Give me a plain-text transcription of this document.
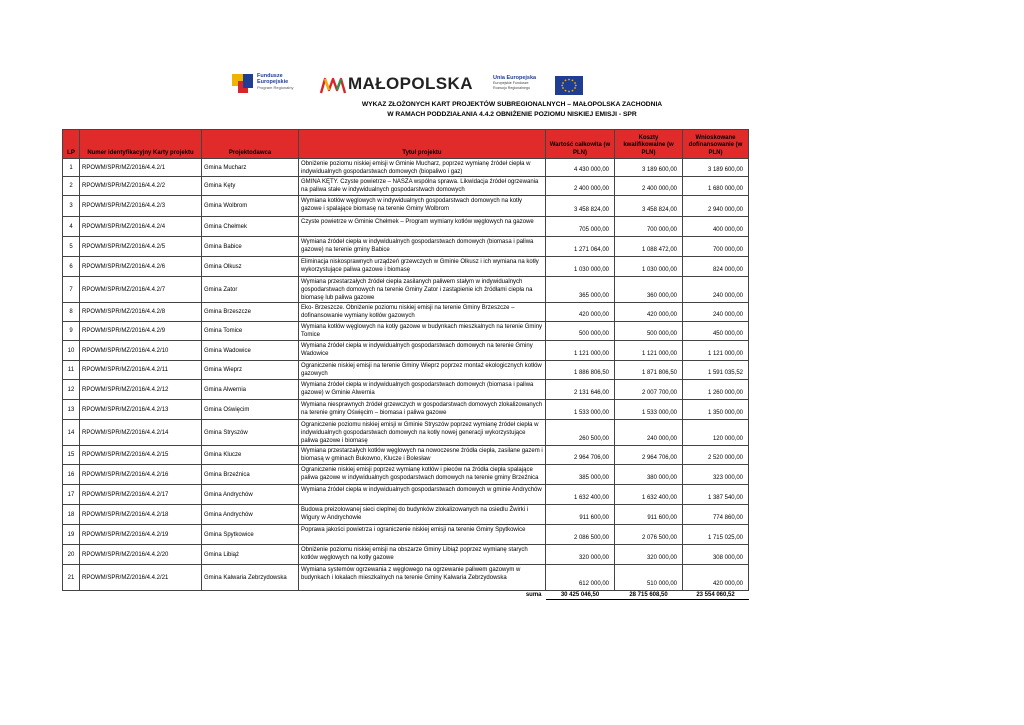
Fundusze
Europejskie
Program Regionalny	MAŁOPOLSKA	Unia Europejska
Europejskie Fundusze
Rozwoju Regionalnego
WYKAZ ZŁOŻONYCH KART PROJEKTÓW SUBREGIONALNYCH – MAŁOPOLSKA ZACHODNIA
W RAMACH PODDZIAŁANIA 4.4.2 OBNIŻENIE POZIOMU NISKIEJ EMISJI - SPR
LP	Numer identyfikacyjny Karty projektu	Projektodawca	Tytuł projektu	Wartość całkowita (w PLN)	Koszty kwalifikowalne (w PLN)	Wnioskowane dofinansowanie (w PLN)
1	RPOWM/SPR/MZ/2016/4.4.2/1	Gmina Mucharz	Obniżenie poziomu niskiej emisji w Gminie Mucharz, poprzez wymianę źródeł ciepła w indywidualnych gospodarstwach domowych (biopaliwo i gaz)	4 430 000,00	3 189 600,00	3 189 600,00
2	RPOWM/SPR/MZ/2016/4.4.2/2	Gmina Kęty	GMINA KĘTY. Czyste powietrze – NASZA wspólna sprawa. Likwidacja źródeł ogrzewania na paliwa stałe w indywidualnych gospodarstwach domowych	2 400 000,00	2 400 000,00	1 680 000,00
3	RPOWM/SPR/MZ/2016/4.4.2/3	Gmina Wolbrom	Wymiana kotłów węglowych w indywidualnych gospodarstwach domowych na kotły gazowe i spalające biomasę na terenie Gminy Wolbrom	3 458 824,00	3 458 824,00	2 940 000,00
4	RPOWM/SPR/MZ/2016/4.4.2/4	Gmina Chełmek	Czyste powietrze w Gminie Chełmek – Program wymiany kotłów węglowych na gazowe	705 000,00	700 000,00	400 000,00
5	RPOWM/SPR/MZ/2016/4.4.2/5	Gmina Babice	Wymiana źródeł ciepła w indywidualnych gospodarstwach domowych (biomasa i paliwa gazowe) na terenie gminy Babice	1 271 064,00	1 088 472,00	700 000,00
6	RPOWM/SPR/MZ/2016/4.4.2/6	Gmina Olkusz	Eliminacja niskosprawnych urządzeń grzewczych w Gminie Olkusz i ich wymiana na kotły wykorzystujące paliwa gazowe i biomasę	1 030 000,00	1 030 000,00	824 000,00
7	RPOWM/SPR/MZ/2016/4.4.2/7	Gmina Zator	Wymiana przestarzałych źródeł ciepła zasilanych paliwem stałym w indywidualnych gospodarstwach domowych na terenie Gminy Zator i zastąpienie ich źródłami ciepła na biomasę lub paliwa gazowe	365 000,00	360 000,00	240 000,00
8	RPOWM/SPR/MZ/2016/4.4.2/8	Gmina Brzeszcze	Eko- Brzeszcze. Obniżenie poziomu niskiej emisji na terenie Gminy Brzeszcze – dofinansowanie wymiany kotłów gazowych	420 000,00	420 000,00	240 000,00
9	RPOWM/SPR/MZ/2016/4.4.2/9	Gmina Tomice	Wymiana kotłów węglowych na kotły gazowe w budynkach mieszkalnych na terenie Gminy Tomice	500 000,00	500 000,00	450 000,00
10	RPOWM/SPR/MZ/2016/4.4.2/10	Gmina Wadowice	Wymiana źródeł ciepła w indywidualnych gospodarstwach domowych na terenie Gminy Wadowice	1 121 000,00	1 121 000,00	1 121 000,00
11	RPOWM/SPR/MZ/2016/4.4.2/11	Gmina Wieprz	Ograniczenie niskiej emisji na terenie Gminy Wieprz poprzez montaż ekologicznych kotłów gazowych	1 886 806,50	1 871 806,50	1 591 035,52
12	RPOWM/SPR/MZ/2016/4.4.2/12	Gmina Alwernia	Wymiana źródeł ciepła w indywidualnych gospodarstwach domowych (biomasa i paliwa gazowe) w Gminie Alwernia	2 131 646,00	2 007 700,00	1 260 000,00
13	RPOWM/SPR/MZ/2016/4.4.2/13	Gmina Oświęcim	Wymiana niesprawnych źródeł grzewczych w gospodarstwach domowych zlokalizowanych na terenie gminy Oświęcim – biomasa i paliwa gazowe	1 533 000,00	1 533 000,00	1 350 000,00
14	RPOWM/SPR/MZ/2016/4.4.2/14	Gmina Stryszów	Ograniczenie poziomu niskiej emisji w Gminie Stryszów poprzez wymianę źródeł ciepła w indywidualnych gospodarstwach domowych na kotły nowej generacji wykorzystujące paliwa gazowe i biomasę	260 500,00	240 000,00	120 000,00
15	RPOWM/SPR/MZ/2016/4.4.2/15	Gmina Klucze	Wymiana przestarzałych kotłów węglowych na nowoczesne źródła ciepła, zasilane gazem i biomasą w gminach Bukowno, Klucze i Bolesław	2 964 706,00	2 964 706,00	2 520 000,00
16	RPOWM/SPR/MZ/2016/4.4.2/16	Gmina Brzeźnica	Ograniczenie niskiej emisji poprzez wymianę kotłów i pieców na źródła ciepła spalające paliwa gazowe w indywidualnych gospodarstwach domowych na terenie gminy Brzeźnica	385 000,00	380 000,00	323 000,00
17	RPOWM/SPR/MZ/2016/4.4.2/17	Gmina Andrychów	Wymiana źródeł ciepła w indywidualnych gospodarstwach domowych w gminie Andrychów	1 632 400,00	1 632 400,00	1 387 540,00
18	RPOWM/SPR/MZ/2016/4.4.2/18	Gmina Andrychów	Budowa preizolowanej sieci cieplnej do budynków zlokalizowanych na osiedlu Żwirki i Wigury w Andrychowie	911 600,00	911 600,00	774 860,00
19	RPOWM/SPR/MZ/2016/4.4.2/19	Gmina Spytkowice	Poprawa jakości powietrza i ograniczenie niskiej emisji na terenie Gminy Spytkowice	2 086 500,00	2 076 500,00	1 715 025,00
20	RPOWM/SPR/MZ/2016/4.4.2/20	Gmina Libiąż	Obniżenie poziomu niskiej emisji na obszarze Gminy Libiąż poprzez wymianę starych kotłów węglowych na kotły gazowe	320 000,00	320 000,00	308 000,00
21	RPOWM/SPR/MZ/2016/4.4.2/21	Gmina Kalwaria Zebrzydowska	Wymiana systemów ogrzewania z węglowego na ogrzewanie paliwem gazowym w budynkach i lokalach mieszkalnych na terenie Gminy Kalwaria Zebrzydowska	612 000,00	510 000,00	420 000,00
suma				30 425 046,50	28 715 608,50	23 554 060,52
